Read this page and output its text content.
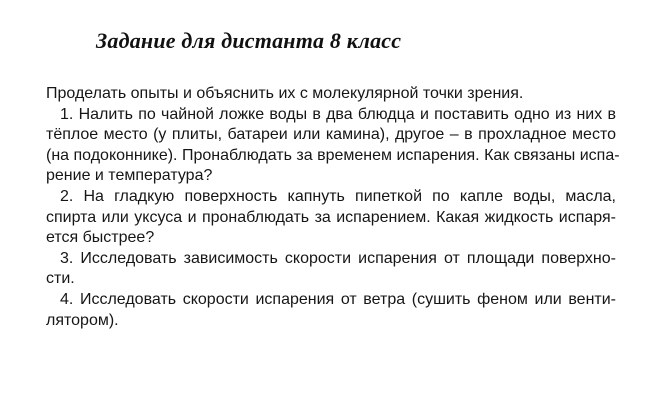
Задание для дистанта 8 класс
Проделать опыты и объяснить их с молекулярной точки зрения.
1. Налить по чайной ложке воды в два блюдца и поставить одно из них в
тёплое место (у плиты, батареи или камина), другое – в прохладное место
(на подоконнике). Пронаблюдать за временем испарения. Как связаны испа-
рение и температура?
2. На гладкую поверхность капнуть пипеткой по капле воды, масла,
спирта или уксуса и пронаблюдать за испарением. Какая жидкость испаря-
ется быстрее?
3. Исследовать зависимость скорости испарения от площади поверхно-
сти.
4. Исследовать скорости испарения от ветра (сушить феном или венти-
лятором).
